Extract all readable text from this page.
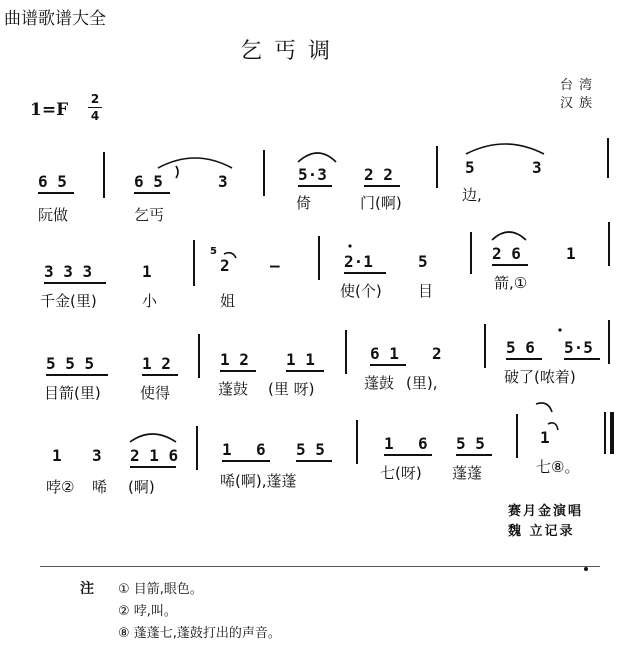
曲谱歌谱大全
乞丐调
台湾
汉族
1=F
2
4
6 5	6 5	3	5·3 2 2	5	3
阮做	乞丐
倚	门(啊)	边,
3 3 3	1
5
2	—	2·1	5	2 6	1
千金(里)	小	姐
使(个) 目	箭,①
5 5 5	1 2	1 2 1 1	6 1 2	5 6 5·5
目箭(里)	使得	蓬鼓 (里 呀)	蓬鼓 (里),	破了(哝着)
1 3 2 1 6	1 6 5 5	1 6 5 5	1
哱② 唏 (啊)	唏(啊),蓬蓬	七(呀) 蓬蓬	七⑧。
赛月金演唱
魏 立记录
注 ① 目箭,眼色。
② 哱,叫。
⑧ 蓬蓬七,蓬鼓打出的声音。
